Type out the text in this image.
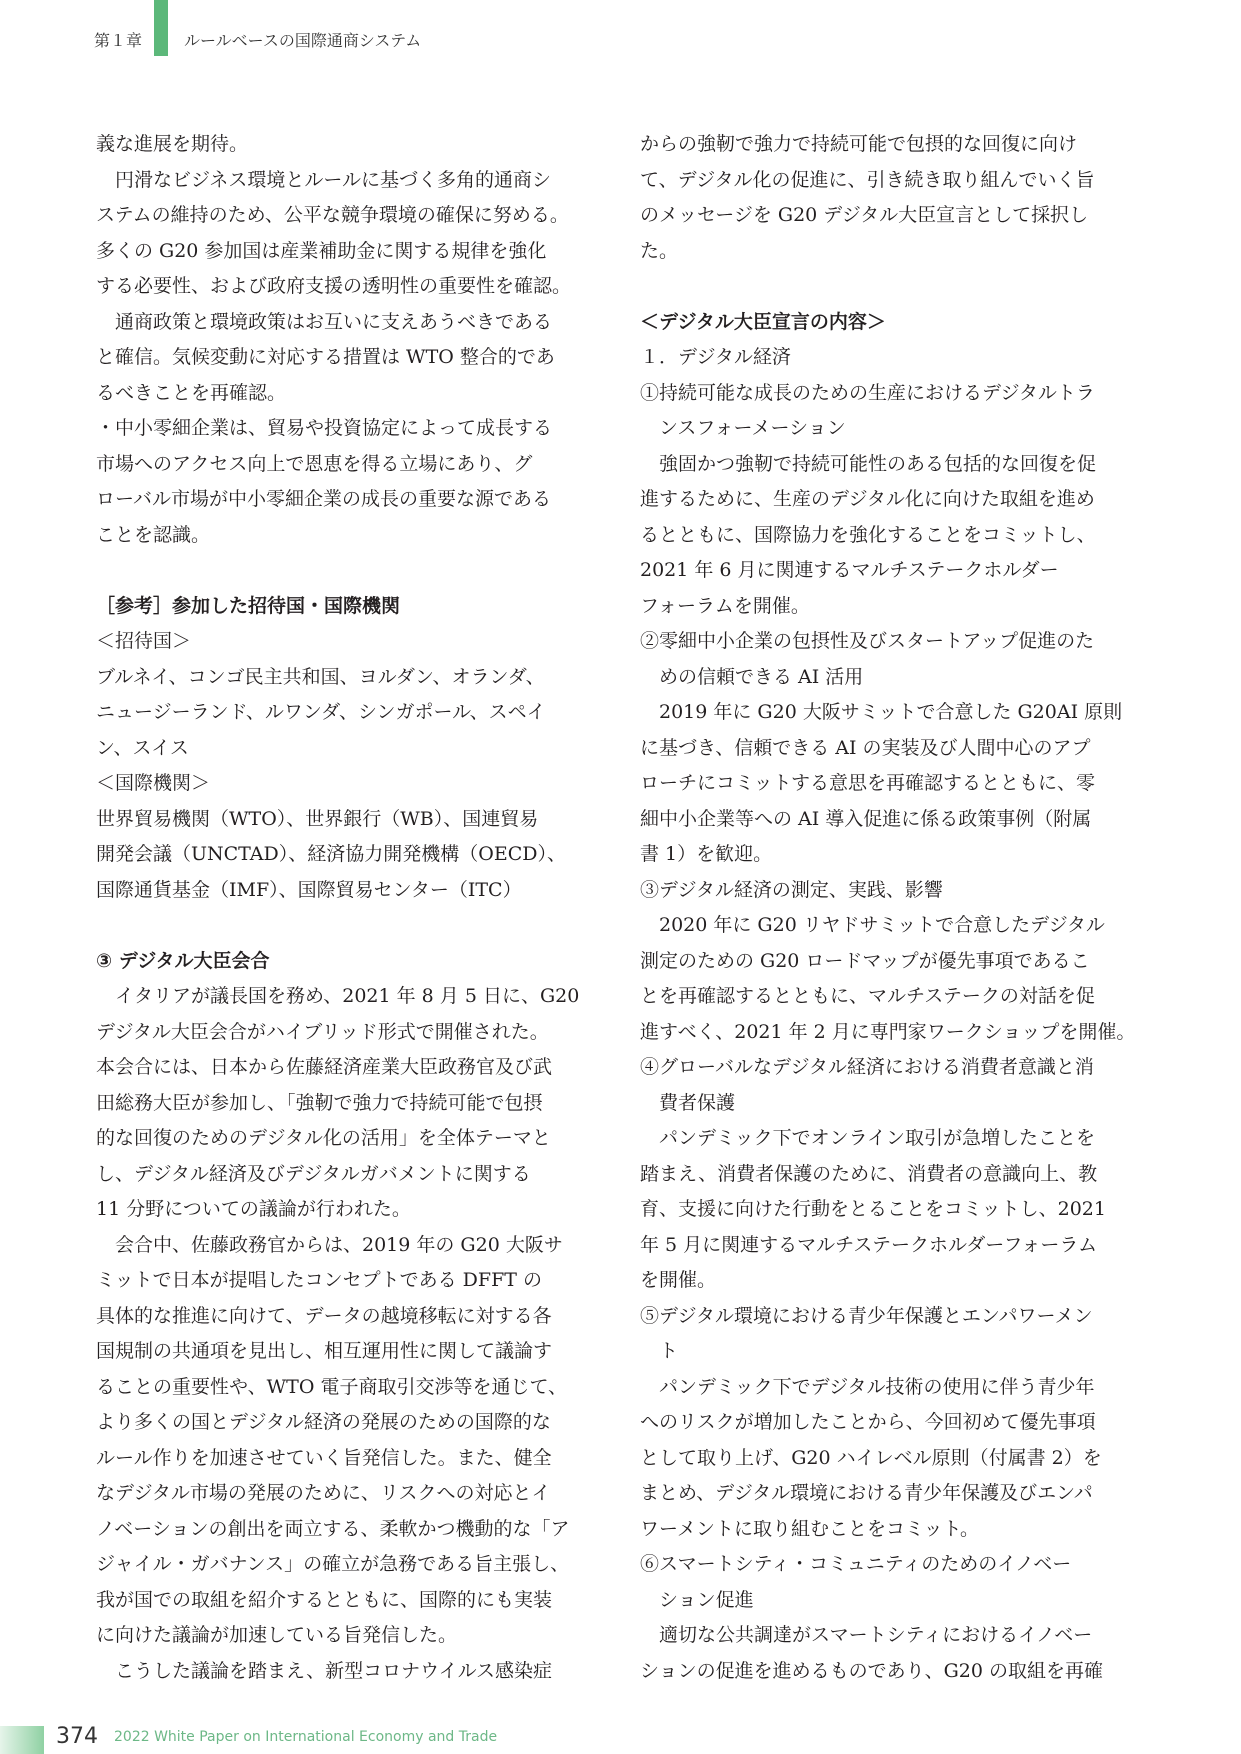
第１章	ルールベースの国際通商システム
義な進展を期待。
　円滑なビジネス環境とルールに基づく多角的通商シ
ステムの維持のため、公平な競争環境の確保に努める。
多くの G20 参加国は産業補助金に関する規律を強化
する必要性、および政府支援の透明性の重要性を確認。
　通商政策と環境政策はお互いに支えあうべきである
と確信。気候変動に対応する措置は WTO 整合的であ
るべきことを再確認。
・中小零細企業は、貿易や投資協定によって成長する
市場へのアクセス向上で恩恵を得る立場にあり、グ
ローバル市場が中小零細企業の成長の重要な源である
ことを認識。
［参考］参加した招待国・国際機関
＜招待国＞
ブルネイ、コンゴ民主共和国、ヨルダン、オランダ、
ニュージーランド、ルワンダ、シンガポール、スペイ
ン、スイス
＜国際機関＞
世界貿易機関（WTO）、世界銀行（WB）、国連貿易
開発会議（UNCTAD）、経済協力開発機構（OECD）、
国際通貨基金（IMF）、国際貿易センター（ITC）
③ デジタル大臣会合
　イタリアが議長国を務め、2021 年 8 月 5 日に、G20
デジタル大臣会合がハイブリッド形式で開催された。
本会合には、日本から佐藤経済産業大臣政務官及び武
田総務大臣が参加し、「強靭で強力で持続可能で包摂
的な回復のためのデジタル化の活用」を全体テーマと
し、デジタル経済及びデジタルガバメントに関する
11 分野についての議論が行われた。
　会合中、佐藤政務官からは、2019 年の G20 大阪サ
ミットで日本が提唱したコンセプトである DFFT の
具体的な推進に向けて、データの越境移転に対する各
国規制の共通項を見出し、相互運用性に関して議論す
ることの重要性や、WTO 電子商取引交渉等を通じて、
より多くの国とデジタル経済の発展のための国際的な
ルール作りを加速させていく旨発信した。また、健全
なデジタル市場の発展のために、リスクへの対応とイ
ノベーションの創出を両立する、柔軟かつ機動的な「ア
ジャイル・ガバナンス」の確立が急務である旨主張し、
我が国での取組を紹介するとともに、国際的にも実装
に向けた議論が加速している旨発信した。
　こうした議論を踏まえ、新型コロナウイルス感染症
からの強靭で強力で持続可能で包摂的な回復に向け
て、デジタル化の促進に、引き続き取り組んでいく旨
のメッセージを G20 デジタル大臣宣言として採択し
た。
＜デジタル大臣宣言の内容＞
１．デジタル経済
①持続可能な成長のための生産におけるデジタルトラ
　ンスフォーメーション
　強固かつ強靭で持続可能性のある包括的な回復を促
進するために、生産のデジタル化に向けた取組を進め
るとともに、国際協力を強化することをコミットし、
2021 年 6 月に関連するマルチステークホルダー
フォーラムを開催。
②零細中小企業の包摂性及びスタートアップ促進のた
　めの信頼できる AI 活用
　2019 年に G20 大阪サミットで合意した G20AI 原則
に基づき、信頼できる AI の実装及び人間中心のアプ
ローチにコミットする意思を再確認するとともに、零
細中小企業等への AI 導入促進に係る政策事例（附属
書 1）を歓迎。
③デジタル経済の測定、実践、影響
　2020 年に G20 リヤドサミットで合意したデジタル
測定のための G20 ロードマップが優先事項であるこ
とを再確認するとともに、マルチステークの対話を促
進すべく、2021 年 2 月に専門家ワークショップを開催。
④グローバルなデジタル経済における消費者意識と消
　費者保護
　パンデミック下でオンライン取引が急増したことを
踏まえ、消費者保護のために、消費者の意識向上、教
育、支援に向けた行動をとることをコミットし、2021
年 5 月に関連するマルチステークホルダーフォーラム
を開催。
⑤デジタル環境における青少年保護とエンパワーメン
　ト
　パンデミック下でデジタル技術の使用に伴う青少年
へのリスクが増加したことから、今回初めて優先事項
として取り上げ、G20 ハイレベル原則（付属書 2）を
まとめ、デジタル環境における青少年保護及びエンパ
ワーメントに取り組むことをコミット。
⑥スマートシティ・コミュニティのためのイノベー
　ション促進
　適切な公共調達がスマートシティにおけるイノベー
ションの促進を進めるものであり、G20 の取組を再確
374 2022 White Paper on International Economy and Trade
